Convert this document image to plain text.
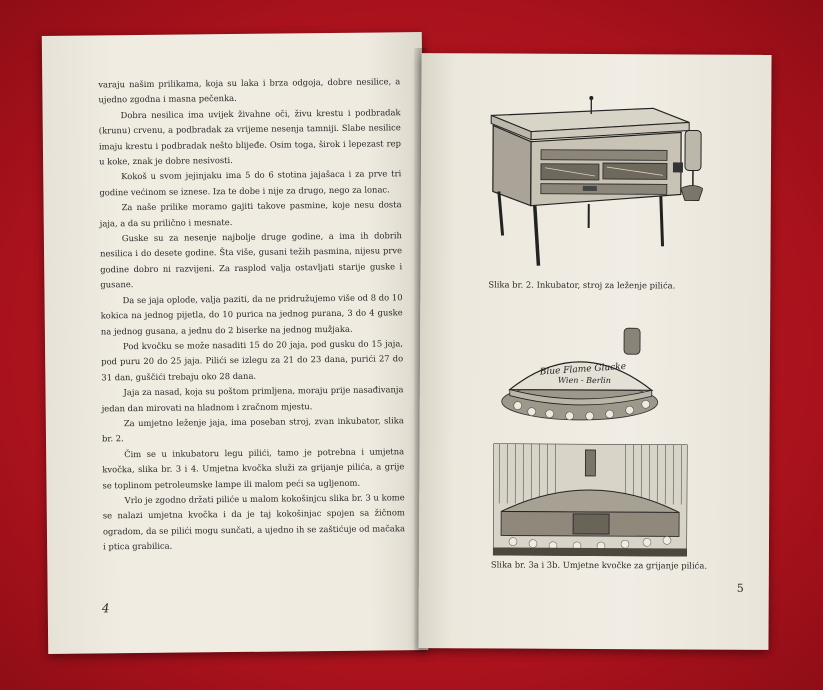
varaju našim prilikama, koja su laka i brza odgoja, dobre nesilice, a ujedno zgodna i masna pečenka.

Dobra nesilica ima uvijek živahne oči, živu krestu i podbradak (krunu) crvenu, a podbradak za vrijeme nesenja tamniji. Slabe nesilice imaju krestu i podbradak nešto blijeđe. Osim toga, širok i lepezast rep u koke, znak je dobre nesivosti.

Kokoš u svom jejinjaku ima 5 do 6 stotina jajašaca i za prve tri godine većinom se iznese. Iza te dobe i nije za drugo, nego za lonac.

Za naše prilike moramo gajiti takove pasmine, koje nesu dosta jaja, a da su prilično i mesnate.

Guske su za nesenje najbolje druge godine, a ima ih dobrih nesilica i do desete godine. Šta više, gusani težih pasmina, nijesu prve godine dobro ni razvijeni. Za rasplod valja ostavljati starije guske i gusane.

Da se jaja oplode, valja paziti, da ne pridružujemo više od 8 do 10 kokica na jednog pijetla, do 10 purica na jednog purana, 3 do 4 guske na jednog gusana, a jednu do 2 biserke na jednog mužjaka.

Pod kvočku se može nasaditi 15 do 20 jaja, pod gusku do 15 jaja, pod puru 20 do 25 jaja. Pilići se izlegu za 21 do 23 dana, purići 27 do 31 dan, guščići trebaju oko 28 dana.

Jaja za nasad, koja su poštom primljena, moraju prije nasađivanja jedan dan mirovati na hladnom i zračnom mjestu.

Za umjetno leženje jaja, ima poseban stroj, zvan inkubator, slika br. 2.

Čim se u inkubatoru legu pilići, tamo je potrebna i umjetna kvočka, slika br. 3 i 4. Umjetna kvočka služi za grijanje pilića, a grije se toplinom petroleumske lampe ili malom peći sa ugljenom.

Vrlo je zgodno držati piliće u malom kokošinjcu slika br. 3 u kome se nalazi umjetna kvočka i da je taj kokošinjac spojen sa žičnom ogradom, da se pilići mogu sunčati, a ujedno ih se zaštićuje od mačaka i ptica grabilica.

4
Slika br. 2. Inkubator, stroj za leženje pilića.
Blue Flame Glucke
Wien - Berlin
Slika br. 3a i 3b. Umjetne kvočke za grijanje pilića.
5
